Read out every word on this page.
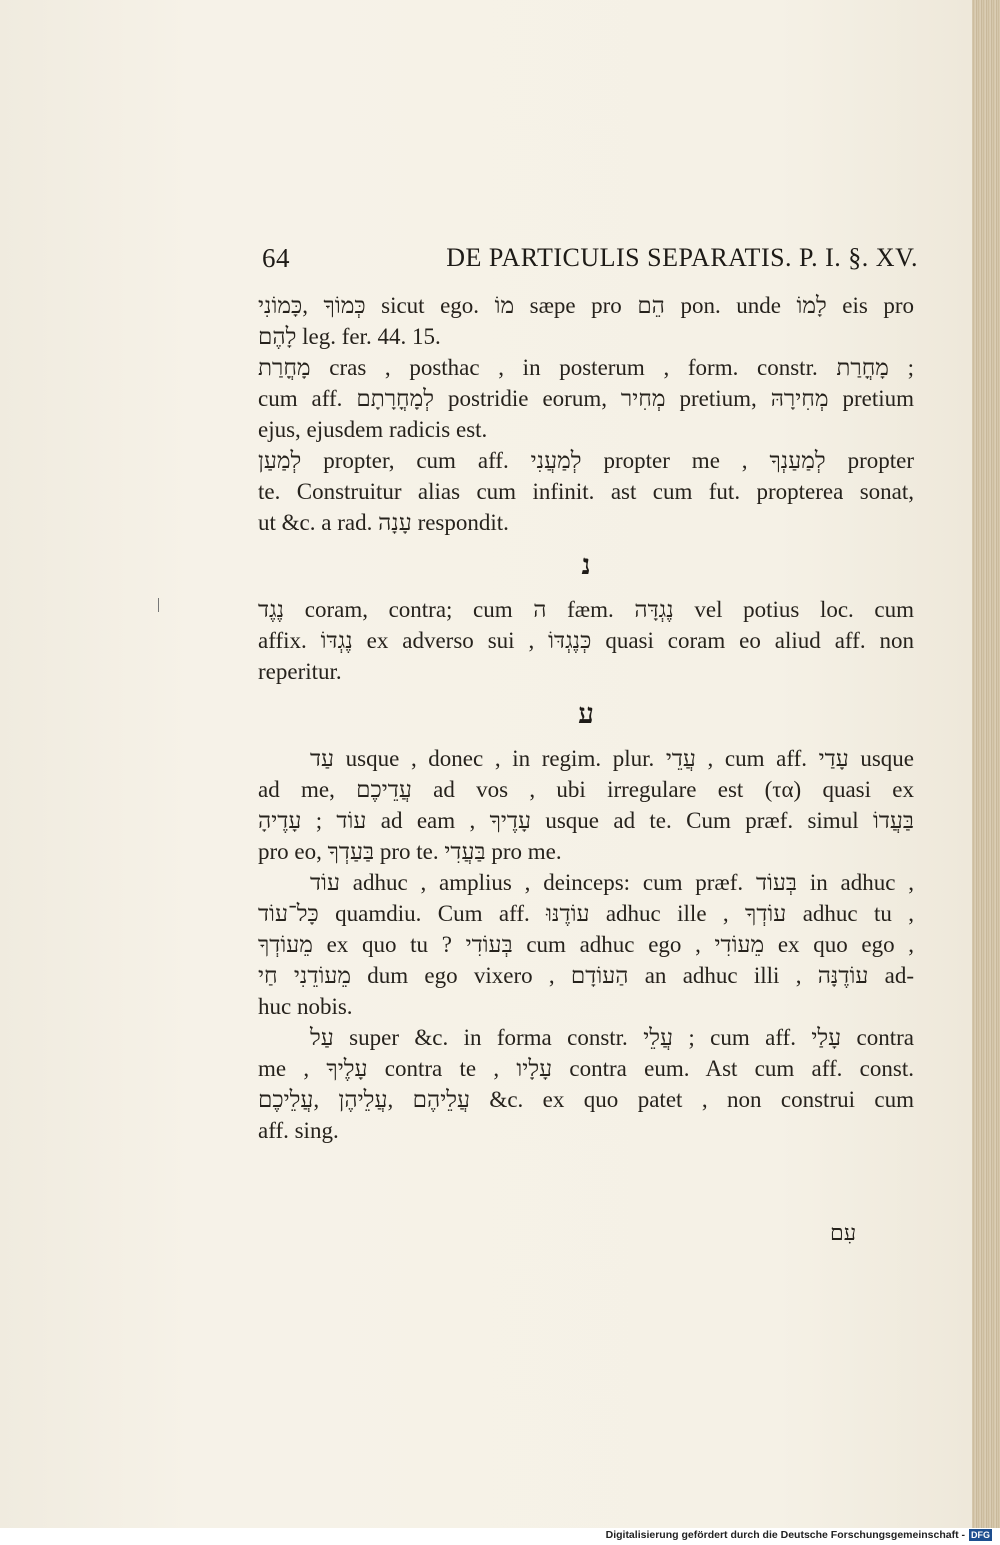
64	DE PARTICULIS SEPARATIS. P. I. §. XV.
כְּמוֹךָ ,כָּמוֹנִי sicut ego. מוֹ sæpe pro הֵם pon. unde לָמוֹ eis pro
לָהֶם leg. fer. 44. 15.
מָחֳרַת cras , posthac , in posterum , form. constr. מָחֳרַת ;
cum aff. לְמָחֳרָתָם postridie eorum, מְחִיר pretium, מְחִירָהּ pretium
ejus, ejusdem radicis est.
לְמַעַן propter, cum aff. לְמַעֲנִי propter me , לְמַעַנְךָ propter
te. Construitur alias cum infinit. ast cum fut. propterea sonat,
ut &c. a rad. עָנָה respondit.
נ
נֶגֶד coram, contra; cum ה fæm. נֶגְדָּה vel potius loc. cum
affix. נֶגְדּוֹ ex adverso sui , כְּנֶגְדּוֹ quasi coram eo aliud aff. non
reperitur.
ע
עַד usque , donec , in regim. plur. עֲדֵי , cum aff. עָדַי usque
ad me, עֲדֵיכֶם ad vos , ubi irregulare est (τα) quasi ex
עוֹד ; עָדֶיהָ ad eam , עָדֶיךָ usque ad te. Cum præf. simul בַּעֲדוֹ
pro eo, בַּעַדְךָ pro te. בַּעֲדִי pro me.
עוֹד adhuc , amplius , deinceps: cum præf. בְּעוֹד in adhuc ,
כָּל־עוֹד quamdiu. Cum aff. עוֹדֶנּוּ adhuc ille , עוֹדְךָ adhuc tu ,
מֵעוֹדְךָ ex quo tu ? בְּעוֹדִי cum adhuc ego , מֵעוֹדִי ex quo ego ,
מֵעוֹדֵנִי חַי dum ego vixero , הַעוֹדָם an adhuc illi , עוֹדֶנָּה ad-
huc nobis.
עַל super &c. in forma constr. עֲלֵי ; cum aff. עָלַי contra
me , עָלֶיךָ contra te , עָלָיו contra eum. Ast cum aff. const.
עֲלֵיהֶם ,עֲלֵיהֶן ,עֲלֵיכֶם &c. ex quo patet , non construi cum
aff. sing.
עִם
Digitalisierung gefördert durch die Deutsche Forschungsgemeinschaft - DFG
